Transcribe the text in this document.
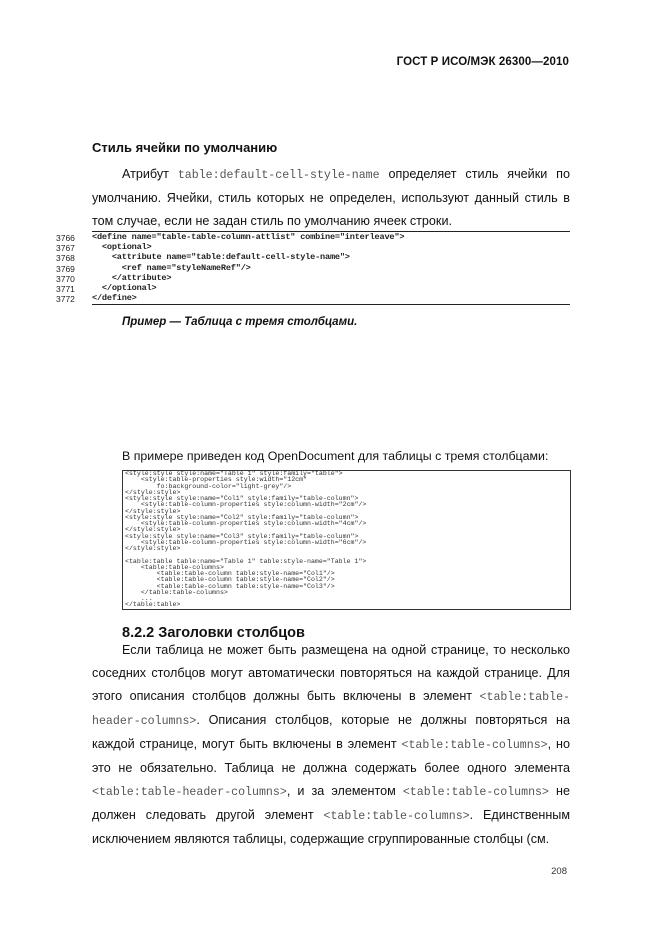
ГОСТ Р ИСО/МЭК 26300—2010
Стиль ячейки по умолчанию

Атрибут table:default-cell-style-name определяет стиль ячейки по умолчанию. Ячейки, стиль которых не определен, используют данный стиль в том случае, если не задан стиль по умолчанию ячеек строки.

Пример — Таблица с тремя столбцами.
В примере приведен код OpenDocument для таблицы с тремя столбцами:
<style:style style:name="Table 1" style:family="table">
<style:table-properties style:width="12cm"
fo:background-color="light-grey"/>
</style:style>
<style:style style:name="Col1" style:family="table-column">
<style:table-column-properties style:column-width="2cm"/>
</style:style>
<style:style style:name="Col2" style:family="table-column">
<style:table-column-properties style:column-width="4cm"/>
</style:style>
<style:style style:name="Col3" style:family="table-column">
<style:table-column-properties style:column-width="6cm"/>
</style:style>
<table:table table:name="Table 1" table:style-name="Table 1">
<table:table-columns>
<table:table-column table:style-name="Col1"/>
<table:table-column table:style-name="Col2"/>
<table:table-column table:style-name="Col3"/>
</table:table-columns>
...
</table:table>
8.2.2 Заголовки столбцов

Если таблица не может быть размещена на одной странице, то несколько соседних столбцов могут автоматически повторяться на каждой странице. Для этого описания столбцов должны быть включены в элемент <table:table-header-columns>. Описания столбцов, которые не должны повторяться на каждой странице, могут быть включены в элемент <table:table-columns>, но это не обязательно. Таблица не должна содержать более одного элемента <table:table-header-columns>, и за элементом <table:table-columns> не должен следовать другой элемент <table:table-columns>. Единственным исключением являются таблицы, содержащие сгруппированные столбцы (см.

208
3766 <define name="table-table-column-attlist" combine="interleave">
3767 <optional>
3768 <attribute name="table:default-cell-style-name">
3769 <ref name="styleNameRef"/>
3770 </attribute>
3771 </optional>
3772 </define>
